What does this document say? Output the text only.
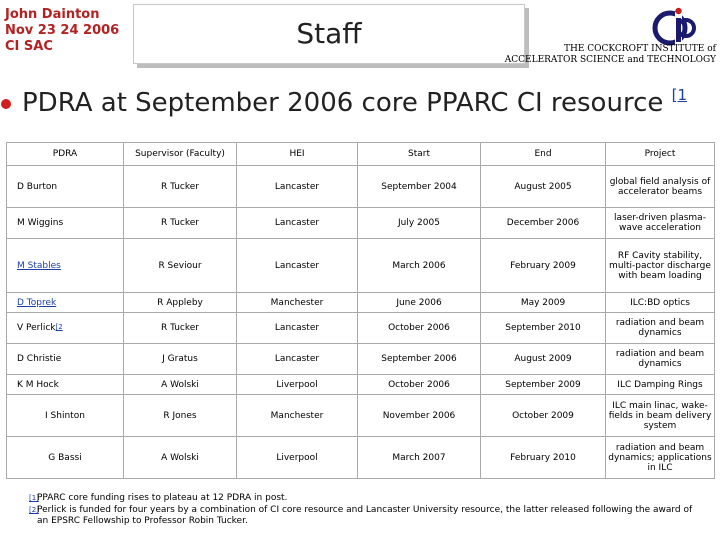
John Dainton
Nov 23 24 2006
CI SAC	Staff	THE COCKCROFT INSTITUTE of
ACCELERATOR SCIENCE and TECHNOLOGY
PDRA at September 2006 core PPARC CI resource $^{[1}$
PDRA	Supervisor (Faculty)	HEI	Start	End	Project
D Burton	R Tucker	Lancaster	September 2004	August 2005	global field analysis of accelerator beams
M Wiggins	R Tucker	Lancaster	July 2005	December 2006	laser-driven plasma-wave acceleration
M Stables	R Seviour	Lancaster	March 2006	February 2009	RF Cavity stability, multi-pactor discharge with beam loading
D Toprek	R Appleby	Manchester	June 2006	May 2009	ILC:BD optics
V Perlick$^{[2}$	R Tucker	Lancaster	October 2006	September 2010	radiation and beam dynamics
D Christie	J Gratus	Lancaster	September 2006	August 2009	radiation and beam dynamics
K M Hock	A Wolski	Liverpool	October 2006	September 2009	ILC Damping Rings
I Shinton	R Jones	Manchester	November 2006	October 2009	ILC main linac, wake-fields in beam delivery system
G Bassi	A Wolski	Liverpool	March 2007	February 2010	radiation and beam dynamics; applications in ILC
[1]
[2]
PPARC core funding rises to plateau at 12 PDRA in post.
Perlick is funded for four years by a combination of CI core resource and Lancaster University resource, the latter released following the award of an EPSRC Fellowship to Professor Robin Tucker.
